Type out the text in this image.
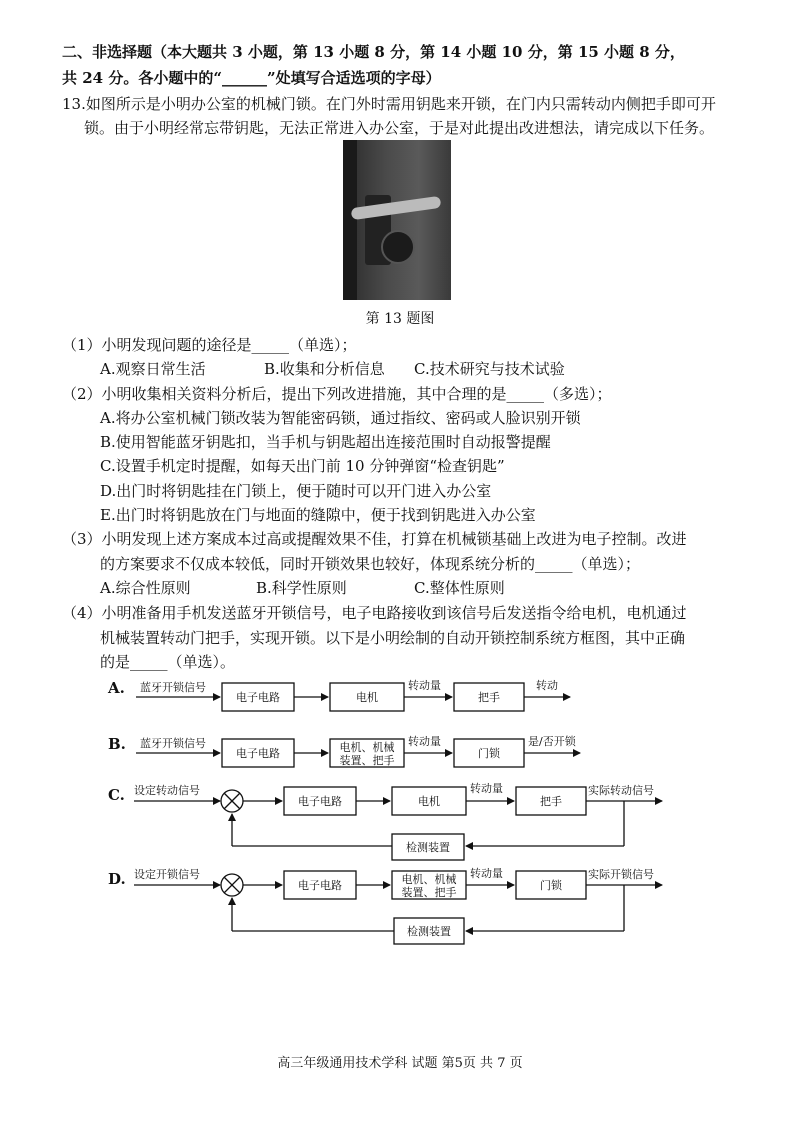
二、非选择题（本大题共 3 小题，第 13 小题 8 分，第 14 小题 10 分，第 15 小题 8 分，
共 24 分。各小题中的“______”处填写合适选项的字母）
13.如图所示是小明办公室的机械门锁。在门外时需用钥匙来开锁，在门内只需转动内侧把手即可开
锁。由于小明经常忘带钥匙，无法正常进入办公室，于是对此提出改进想法，请完成以下任务。
第 13 题图
（1）小明发现问题的途径是_____（单选）；
A.观察日常生活	B.收集和分析信息 C.技术研究与技术试验
（2）小明收集相关资料分析后，提出下列改进措施，其中合理的是_____（多选）；
A.将办公室机械门锁改装为智能密码锁，通过指纹、密码或人脸识别开锁
B.使用智能蓝牙钥匙扣，当手机与钥匙超出连接范围时自动报警提醒
C.设置手机定时提醒，如每天出门前 10 分钟弹窗“检查钥匙”
D.出门时将钥匙挂在门锁上，便于随时可以开门进入办公室
E.出门时将钥匙放在门与地面的缝隙中，便于找到钥匙进入办公室
（3）小明发现上述方案成本过高或提醒效果不佳，打算在机械锁基础上改进为电子控制。改进
的方案要求不仅成本较低，同时开锁效果也较好，体现系统分析的_____（单选）；
A.综合性原则	B.科学性原则	C.整体性原则
（4）小明准备用手机发送蓝牙开锁信号，电子电路接收到该信号后发送指令给电机，电机通过
机械装置转动门把手，实现开锁。以下是小明绘制的自动开锁控制系统方框图，其中正确
的是_____（单选）。
A. 蓝牙开锁信号
电子电路	电机
转动量
把手
转动
B. 蓝牙开锁信号
电子电路	电机、机械
装置、把手
转动量
门锁
是/否开锁
C. 设定转动信号
电子电路	电机
转动量
把手
实际转动信号
检测装置
D. 设定开锁信号
电子电路	电机、机械
装置、把手
转动量
门锁
实际开锁信号
检测装置
高三年级通用技术学科 试题 第5页 共 7 页
